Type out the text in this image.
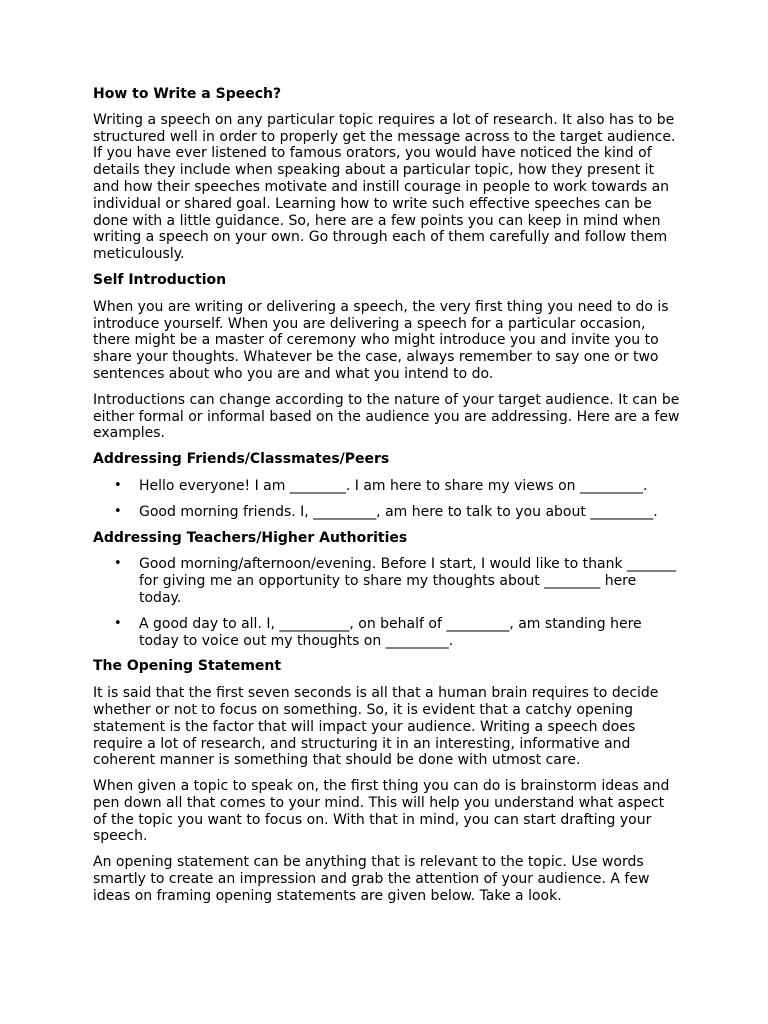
How to Write a Speech?

Writing a speech on any particular topic requires a lot of research. It also has to be structured well in order to properly get the message across to the target audience. If you have ever listened to famous orators, you would have noticed the kind of details they include when speaking about a particular topic, how they present it and how their speeches motivate and instill courage in people to work towards an individual or shared goal. Learning how to write such effective speeches can be done with a little guidance. So, here are a few points you can keep in mind when writing a speech on your own. Go through each of them carefully and follow them meticulously.

Self Introduction

When you are writing or delivering a speech, the very first thing you need to do is introduce yourself. When you are delivering a speech for a particular occasion, there might be a master of ceremony who might introduce you and invite you to share your thoughts. Whatever be the case, always remember to say one or two sentences about who you are and what you intend to do.

Introductions can change according to the nature of your target audience. It can be either formal or informal based on the audience you are addressing. Here are a few examples.

Addressing Friends/Classmates/Peers
• Hello everyone! I am ________. I am here to share my views on _________.
• Good morning friends. I, _________, am here to talk to you about _________.
Addressing Teachers/Higher Authorities
• Good morning/afternoon/evening. Before I start, I would like to thank _______ for giving me an opportunity to share my thoughts about ________ here today.
• A good day to all. I, __________, on behalf of _________, am standing here today to voice out my thoughts on _________.
The Opening Statement

It is said that the first seven seconds is all that a human brain requires to decide whether or not to focus on something. So, it is evident that a catchy opening statement is the factor that will impact your audience. Writing a speech does require a lot of research, and structuring it in an interesting, informative and coherent manner is something that should be done with utmost care.

When given a topic to speak on, the first thing you can do is brainstorm ideas and pen down all that comes to your mind. This will help you understand what aspect of the topic you want to focus on. With that in mind, you can start drafting your speech.

An opening statement can be anything that is relevant to the topic. Use words smartly to create an impression and grab the attention of your audience. A few ideas on framing opening statements are given below. Take a look.
